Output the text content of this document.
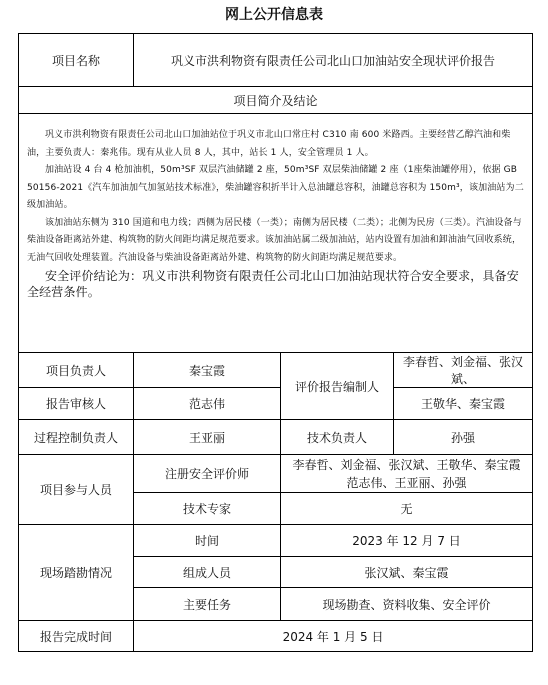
网上公开信息表
项目名称	巩义市洪利物资有限责任公司北山口加油站安全现状评价报告		
项目简介及结论			

巩义市洪利物资有限责任公司北山口加油站位于巩义市北山口常庄村 C310 南 600 米路西。主要经营乙醇汽油和柴油，主要负责人：秦兆伟。现有从业人员 8 人，其中，站长 1 人，安全管理员 1 人。

加油站设 4 台 4 枪加油机，50m³SF 双层汽油储罐 2 座，50m³SF 双层柴油储罐 2 座（1座柴油罐停用），依据 GB 50156-2021《汽车加油加气加氢站技术标准》，柴油罐容积折半计入总油罐总容积，油罐总容积为 150m³，该加油站为二级加油站。

该加油站东侧为 310 国道和电力线；西侧为居民楼（一类）；南侧为居民楼（二类）；北侧为民房（三类）。汽油设备与柴油设备距离站外建、构筑物的防火间距均满足规范要求。该加油站属二级加油站，站内设置有加油和卸油油气回收系统，无油气回收处理装置。汽油设备与柴油设备距离站外建、构筑物的防火间距均满足规范要求。

安全评价结论为：巩义市洪利物资有限责任公司北山口加油站现状符合安全要求，具备安全经营条件。			

项目负责人	秦宝霞	评价报告编制人	李春哲、刘金福、张汉斌、
报告审核人	范志伟		王敬华、秦宝霞
过程控制负责人	王亚丽	技术负责人	孙强
项目参与人员	注册安全评价师	李春哲、刘金福、张汉斌、王敬华、秦宝霞
范志伟、王亚丽、孙强	

	技术专家	无	
现场踏勘情况	时间	2023 年 12 月 7 日	
	组成人员	张汉斌、秦宝霞	
	主要任务	现场勘查、资料收集、安全评价	
报告完成时间	2024 年 1 月 5 日		
